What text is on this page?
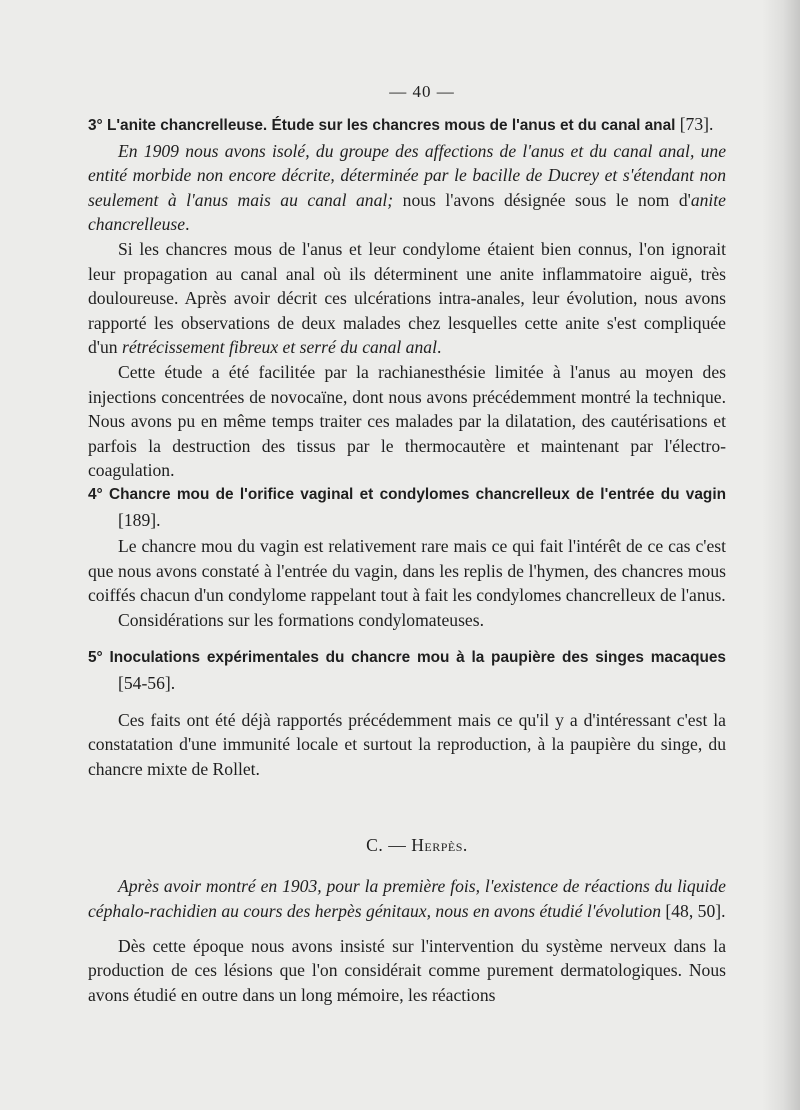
— 40 —

3° L'anite chancrelleuse. Étude sur les chancres mous de l'anus et du canal anal [73].

En 1909 nous avons isolé, du groupe des affections de l'anus et du canal anal, une entité morbide non encore décrite, déterminée par le bacille de Ducrey et s'étendant non seulement à l'anus mais au canal anal; nous l'avons désignée sous le nom d'anite chancrelleuse.

Si les chancres mous de l'anus et leur condylome étaient bien connus, l'on ignorait leur propagation au canal anal où ils déterminent une anite inflammatoire aiguë, très douloureuse. Après avoir décrit ces ulcérations intra-anales, leur évolution, nous avons rapporté les observations de deux malades chez lesquelles cette anite s'est compliquée d'un rétrécissement fibreux et serré du canal anal.

Cette étude a été facilitée par la rachianesthésie limitée à l'anus au moyen des injections concentrées de novocaïne, dont nous avons précédemment montré la technique. Nous avons pu en même temps traiter ces malades par la dilatation, des cautérisations et parfois la destruction des tissus par le thermocautère et maintenant par l'électro-coagulation.

4° Chancre mou de l'orifice vaginal et condylomes chancrelleux de l'entrée du vagin [189].

Le chancre mou du vagin est relativement rare mais ce qui fait l'intérêt de ce cas c'est que nous avons constaté à l'entrée du vagin, dans les replis de l'hymen, des chancres mous coiffés chacun d'un condylome rappelant tout à fait les condylomes chancrelleux de l'anus.

Considérations sur les formations condylomateuses.

5° Inoculations expérimentales du chancre mou à la paupière des singes macaques [54-56].

Ces faits ont été déjà rapportés précédemment mais ce qu'il y a d'intéressant c'est la constatation d'une immunité locale et surtout la reproduction, à la paupière du singe, du chancre mixte de Rollet.

C. — Herpès.

Après avoir montré en 1903, pour la première fois, l'existence de réactions du liquide céphalo-rachidien au cours des herpès génitaux, nous en avons étudié l'évolution [48, 50].

Dès cette époque nous avons insisté sur l'intervention du système nerveux dans la production de ces lésions que l'on considérait comme purement dermatologiques. Nous avons étudié en outre dans un long mémoire, les réactions
